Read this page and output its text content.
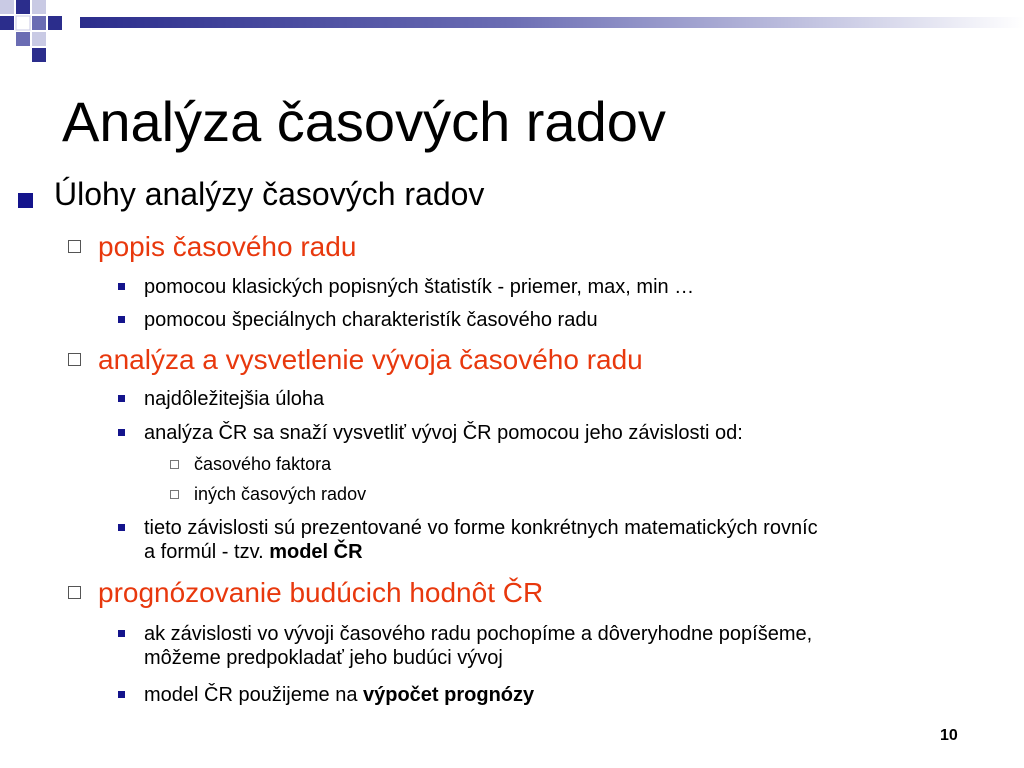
Analýza časových radov
Úlohy analýzy časových radov
popis časového radu
pomocou klasických popisných štatistík - priemer, max, min …
pomocou špeciálnych charakteristík časového radu
analýza a vysvetlenie vývoja časového radu
najdôležitejšia úloha
analýza ČR sa snaží vysvetliť vývoj ČR pomocou jeho závislosti od:
časového faktora
iných časových radov
tieto závislosti sú prezentované vo forme konkrétnych matematických rovníc
a formúl - tzv. model ČR
prognózovanie budúcich hodnôt ČR
ak závislosti vo vývoji časového radu pochopíme a dôveryhodne popíšeme,
môžeme predpokladať jeho budúci vývoj
model ČR použijeme na výpočet prognózy
10
